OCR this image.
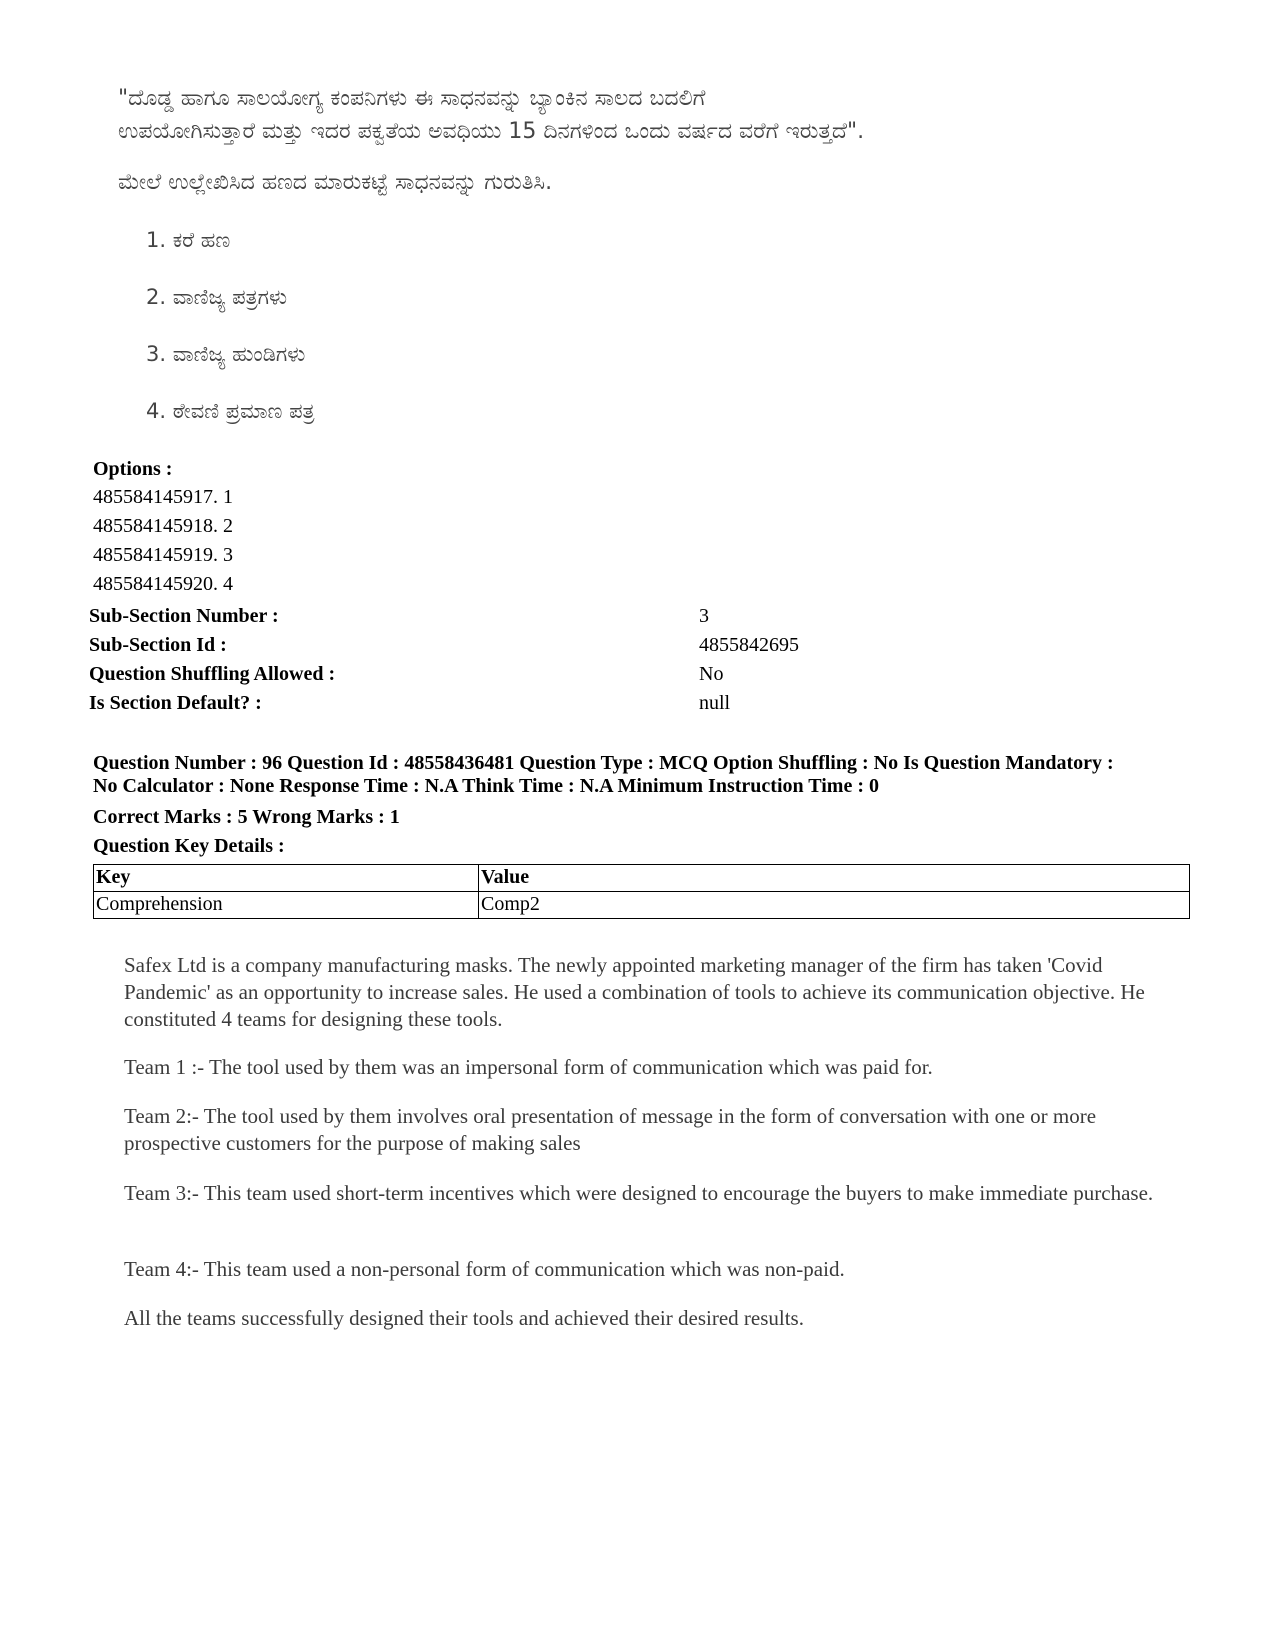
"ದೊಡ್ಡ ಹಾಗೂ ಸಾಲಯೋಗ್ಯ ಕಂಪನಿಗಳು ಈ ಸಾಧನವನ್ನು ಬ್ಯಾಂಕಿನ ಸಾಲದ ಬದಲಿಗೆ
ಉಪಯೋಗಿಸುತ್ತಾರೆ ಮತ್ತು ಇದರ ಪಕ್ವತೆಯ ಅವಧಿಯು 15 ದಿನಗಳಿಂದ ಒಂದು ವರ್ಷದ ವರೆಗೆ ಇರುತ್ತದೆ".
ಮೇಲೆ ಉಲ್ಲೇಖಿಸಿದ ಹಣದ ಮಾರುಕಟ್ಟೆ ಸಾಧನವನ್ನು ಗುರುತಿಸಿ.
1. ಕರೆ ಹಣ
2. ವಾಣಿಜ್ಯ ಪತ್ರಗಳು
3. ವಾಣಿಜ್ಯ ಹುಂಡಿಗಳು
4. ಠೇವಣಿ ಪ್ರಮಾಣ ಪತ್ರ
Options :
485584145917. 1
485584145918. 2
485584145919. 3
485584145920. 4
Sub-Section Number :	3
Sub-Section Id :	4855842695
Question Shuffling Allowed :	No
Is Section Default? :	null
Question Number : 96 Question Id : 48558436481 Question Type : MCQ Option Shuffling : No Is Question Mandatory :
No Calculator : None Response Time : N.A Think Time : N.A Minimum Instruction Time : 0
Correct Marks : 5 Wrong Marks : 1
Question Key Details :
Key	Value
Comprehension	Comp2
Safex Ltd is a company manufacturing masks. The newly appointed marketing manager of the firm has taken 'Covid Pandemic' as an opportunity to increase sales. He used a combination of tools to achieve its communication objective. He constituted 4 teams for designing these tools.
Team 1 :- The tool used by them was an impersonal form of communication which was paid for.
Team 2:- The tool used by them involves oral presentation of message in the form of conversation with one or more prospective customers for the purpose of making sales
Team 3:- This team used short-term incentives which were designed to encourage the buyers to make immediate purchase.
Team 4:- This team used a non-personal form of communication which was non-paid.
All the teams successfully designed their tools and achieved their desired results.
